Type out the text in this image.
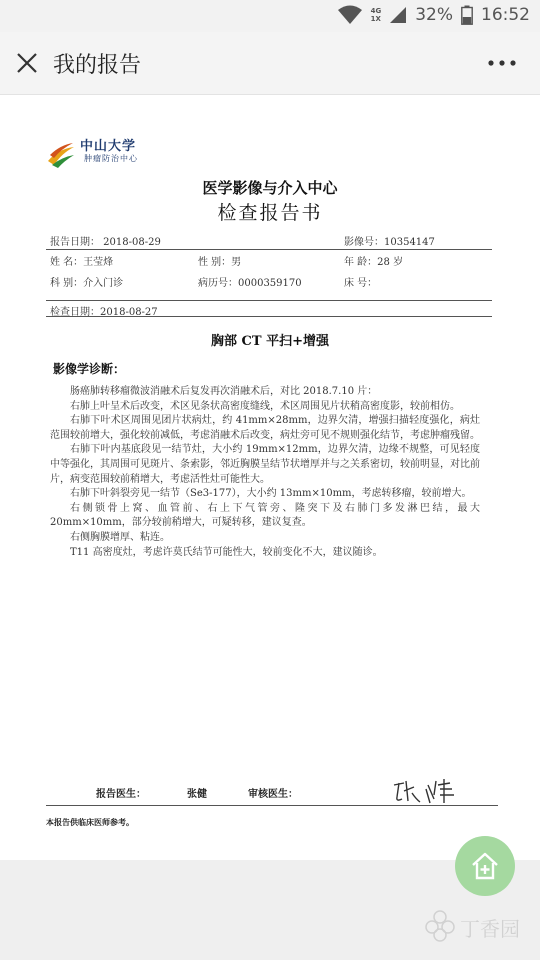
4G
1X 32% 16:52
我的报告
中山大学
肿瘤防治中心
医学影像与介入中心
检查报告书
报告日期： 2018-08-29	影像号：10354147
姓 名：王莹烽	性 别：男	年 龄：28 岁
科 别：介入门诊	病历号：0000359170	床 号：
检查日期：2018-08-27
胸部 CT 平扫+增强
影像学诊断：

肠癌肺转移瘤微波消融术后复发再次消融术后，对比 2018.7.10 片：

右肺上叶呈术后改变，术区见条状高密度缝线，术区周围见片状稍高密度影，较前相仿。

右肺下叶术区周围见团片状病灶，约 41mm×28mm，边界欠清，增强扫描轻度强化，病灶范围较前增大，强化较前减低，考虑消融术后改变，病灶旁可见不规则强化结节，考虑肿瘤残留。

右肺下叶内基底段见一结节灶，大小约 19mm×12mm，边界欠清，边缘不规整，可见轻度中等强化，其周围可见斑片、条索影，邻近胸膜呈结节状增厚并与之关系密切，较前明显，对比前片，病变范围较前稍增大，考虑活性灶可能性大。

右肺下叶斜裂旁见一结节（Se3-177），大小约 13mm×10mm，考虑转移瘤，较前增大。

右侧锁骨上窝、血管前、右上下气管旁、隆突下及右肺门多发淋巴结，最大 20mm×10mm，部分较前稍增大，可疑转移，建议复查。

右侧胸膜增厚、粘连。

T11 高密度灶，考虑许莫氏结节可能性大，较前变化不大，建议随诊。

报告医生：	张健	审核医生：
本报告供临床医师参考。
丁香园
